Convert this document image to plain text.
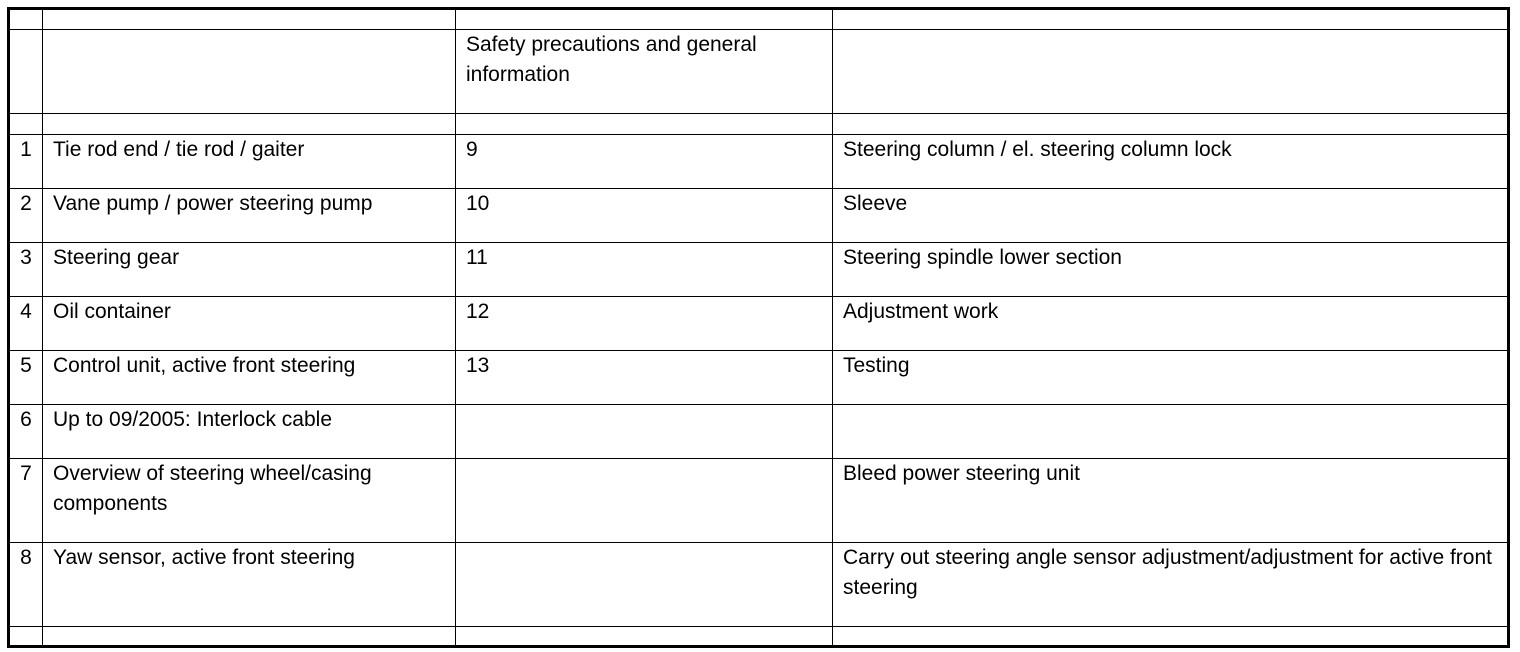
		Safety precautions and general information	

1	Tie rod end / tie rod / gaiter	9	Steering column / el. steering column lock
2	Vane pump / power steering pump	10	Sleeve
3	Steering gear	11	Steering spindle lower section
4	Oil container	12	Adjustment work
5	Control unit, active front steering	13	Testing
6	Up to 09/2005: Interlock cable		
7	Overview of steering wheel/casing components		Bleed power steering unit
8	Yaw sensor, active front steering		Carry out steering angle sensor adjustment/adjustment for active front steering
